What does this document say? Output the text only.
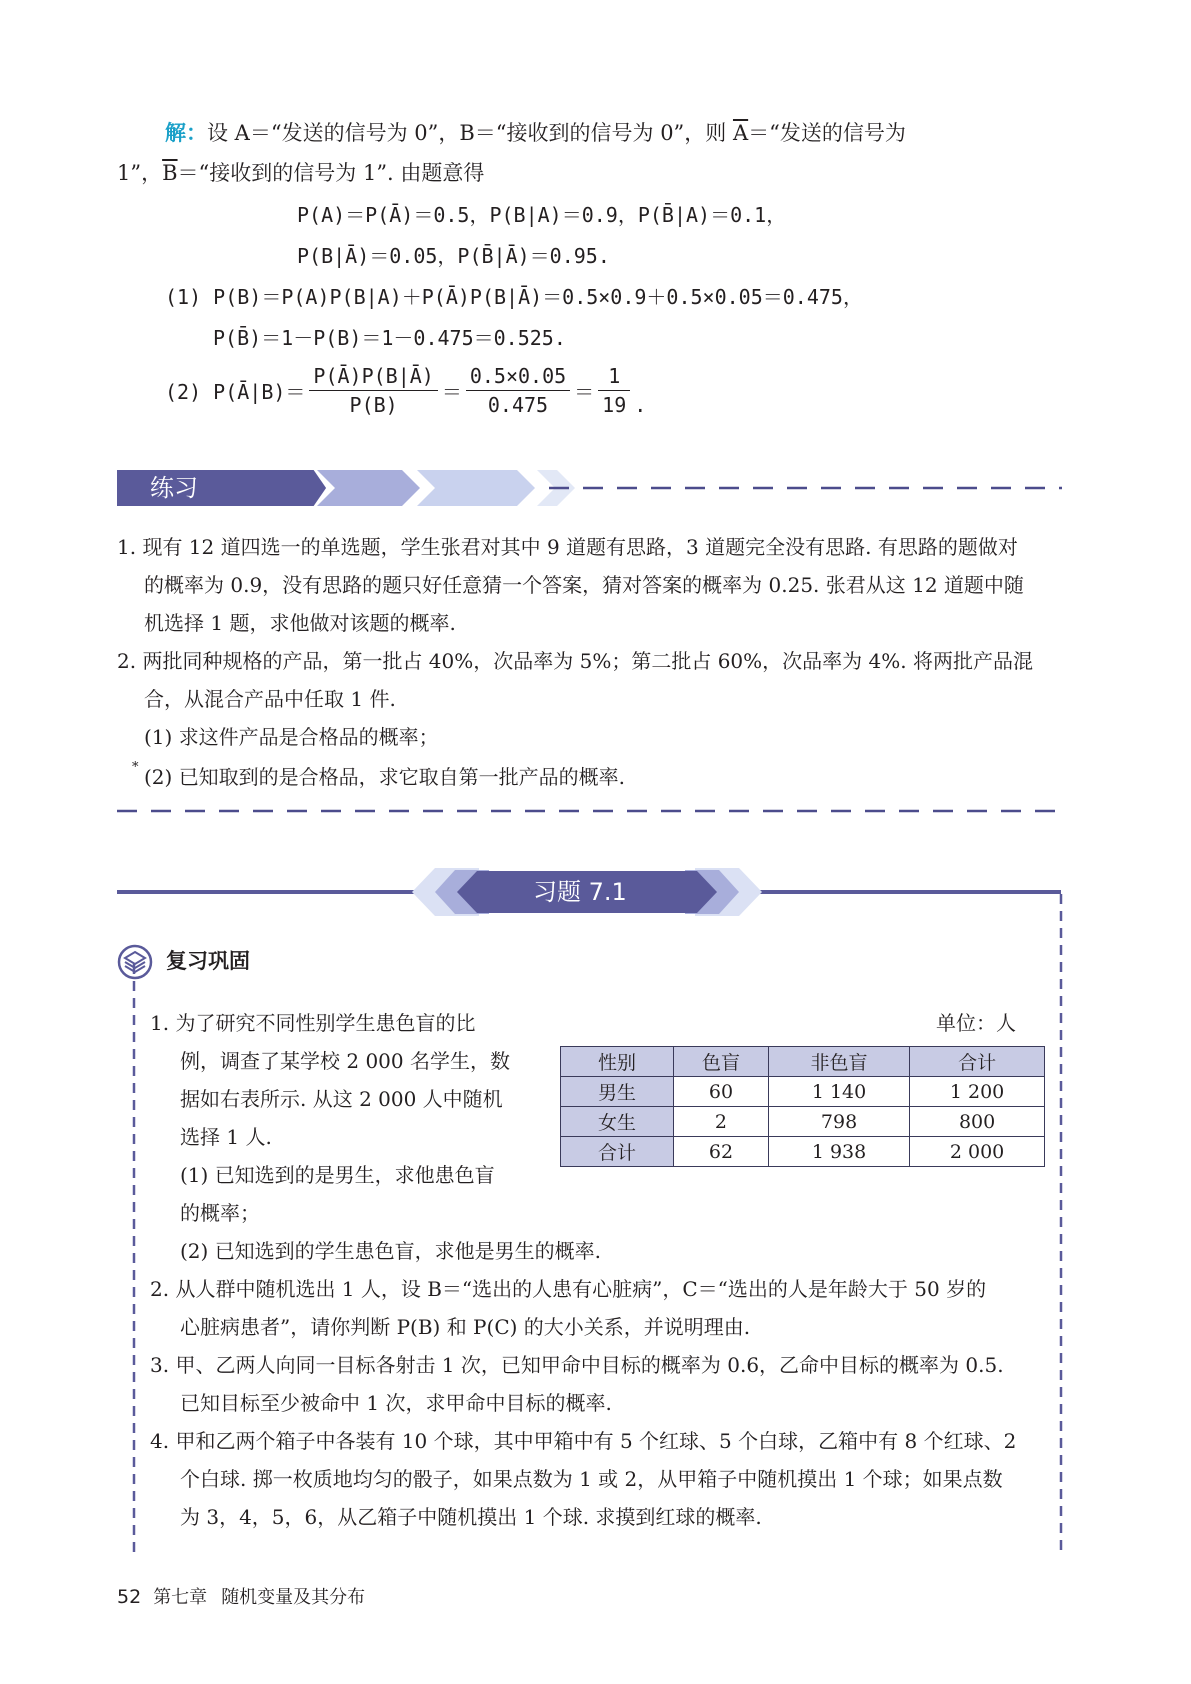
解：设 A＝“发送的信号为 0”，B＝“接收到的信号为 0”，则 $\overline{A}=“$发送的信号为
1”，$\overline{B}=“$接收到的信号为 1”. 由题意得
P(A)＝P(Ā)＝0.5，P(B|A)＝0.9，P(B̄|A)＝0.1，
P(B|Ā)＝0.05，P(B̄|Ā)＝0.95.
(1) P(B)＝P(A)P(B|A)＋P(Ā)P(B|Ā)＝0.5×0.9＋0.5×0.05＝0.475，
P(B̄)＝1－P(B)＝1－0.475＝0.525.
(2) P(Ā|B)＝ $\frac{P(Ā)P(B|Ā)}{P(B)} = \frac{0.5\times 0.05}{0.475} = \frac{1}{19}$ .
练习
1. 现有 12 道四选一的单选题，学生张君对其中 9 道题有思路，3 道题完全没有思路. 有思路的题做对
的概率为 0.9，没有思路的题只好任意猜一个答案，猜对答案的概率为 0.25. 张君从这 12 道题中随
机选择 1 题，求他做对该题的概率.
2. 两批同种规格的产品，第一批占 40%，次品率为 5%；第二批占 60%，次品率为 4%. 将两批产品混
合，从混合产品中任取 1 件.
(1) 求这件产品是合格品的概率；
* (2) 已知取到的是合格品，求它取自第一批产品的概率.
习题 7.1
复习巩固
1. 为了研究不同性别学生患色盲的比
例，调查了某学校 2 000 名学生，数
据如右表所示. 从这 2 000 人中随机
选择 1 人.
(1) 已知选到的是男生，求他患色盲
的概率；
(2) 已知选到的学生患色盲，求他是男生的概率.
单位：人
性别	色盲	非色盲	合计
男生	60	1 140	1 200
女生	2	798	800
合计	62	1 938	2 000
2. 从人群中随机选出 1 人，设 B＝“选出的人患有心脏病”，C＝“选出的人是年龄大于 50 岁的
心脏病患者”，请你判断 P(B) 和 P(C) 的大小关系，并说明理由.
3. 甲、乙两人向同一目标各射击 1 次，已知甲命中目标的概率为 0.6，乙命中目标的概率为 0.5.
已知目标至少被命中 1 次，求甲命中目标的概率.
4. 甲和乙两个箱子中各装有 10 个球，其中甲箱中有 5 个红球、5 个白球，乙箱中有 8 个红球、2
个白球. 掷一枚质地均匀的骰子，如果点数为 1 或 2，从甲箱子中随机摸出 1 个球；如果点数
为 3，4，5，6，从乙箱子中随机摸出 1 个球. 求摸到红球的概率.
52 第七章 随机变量及其分布
